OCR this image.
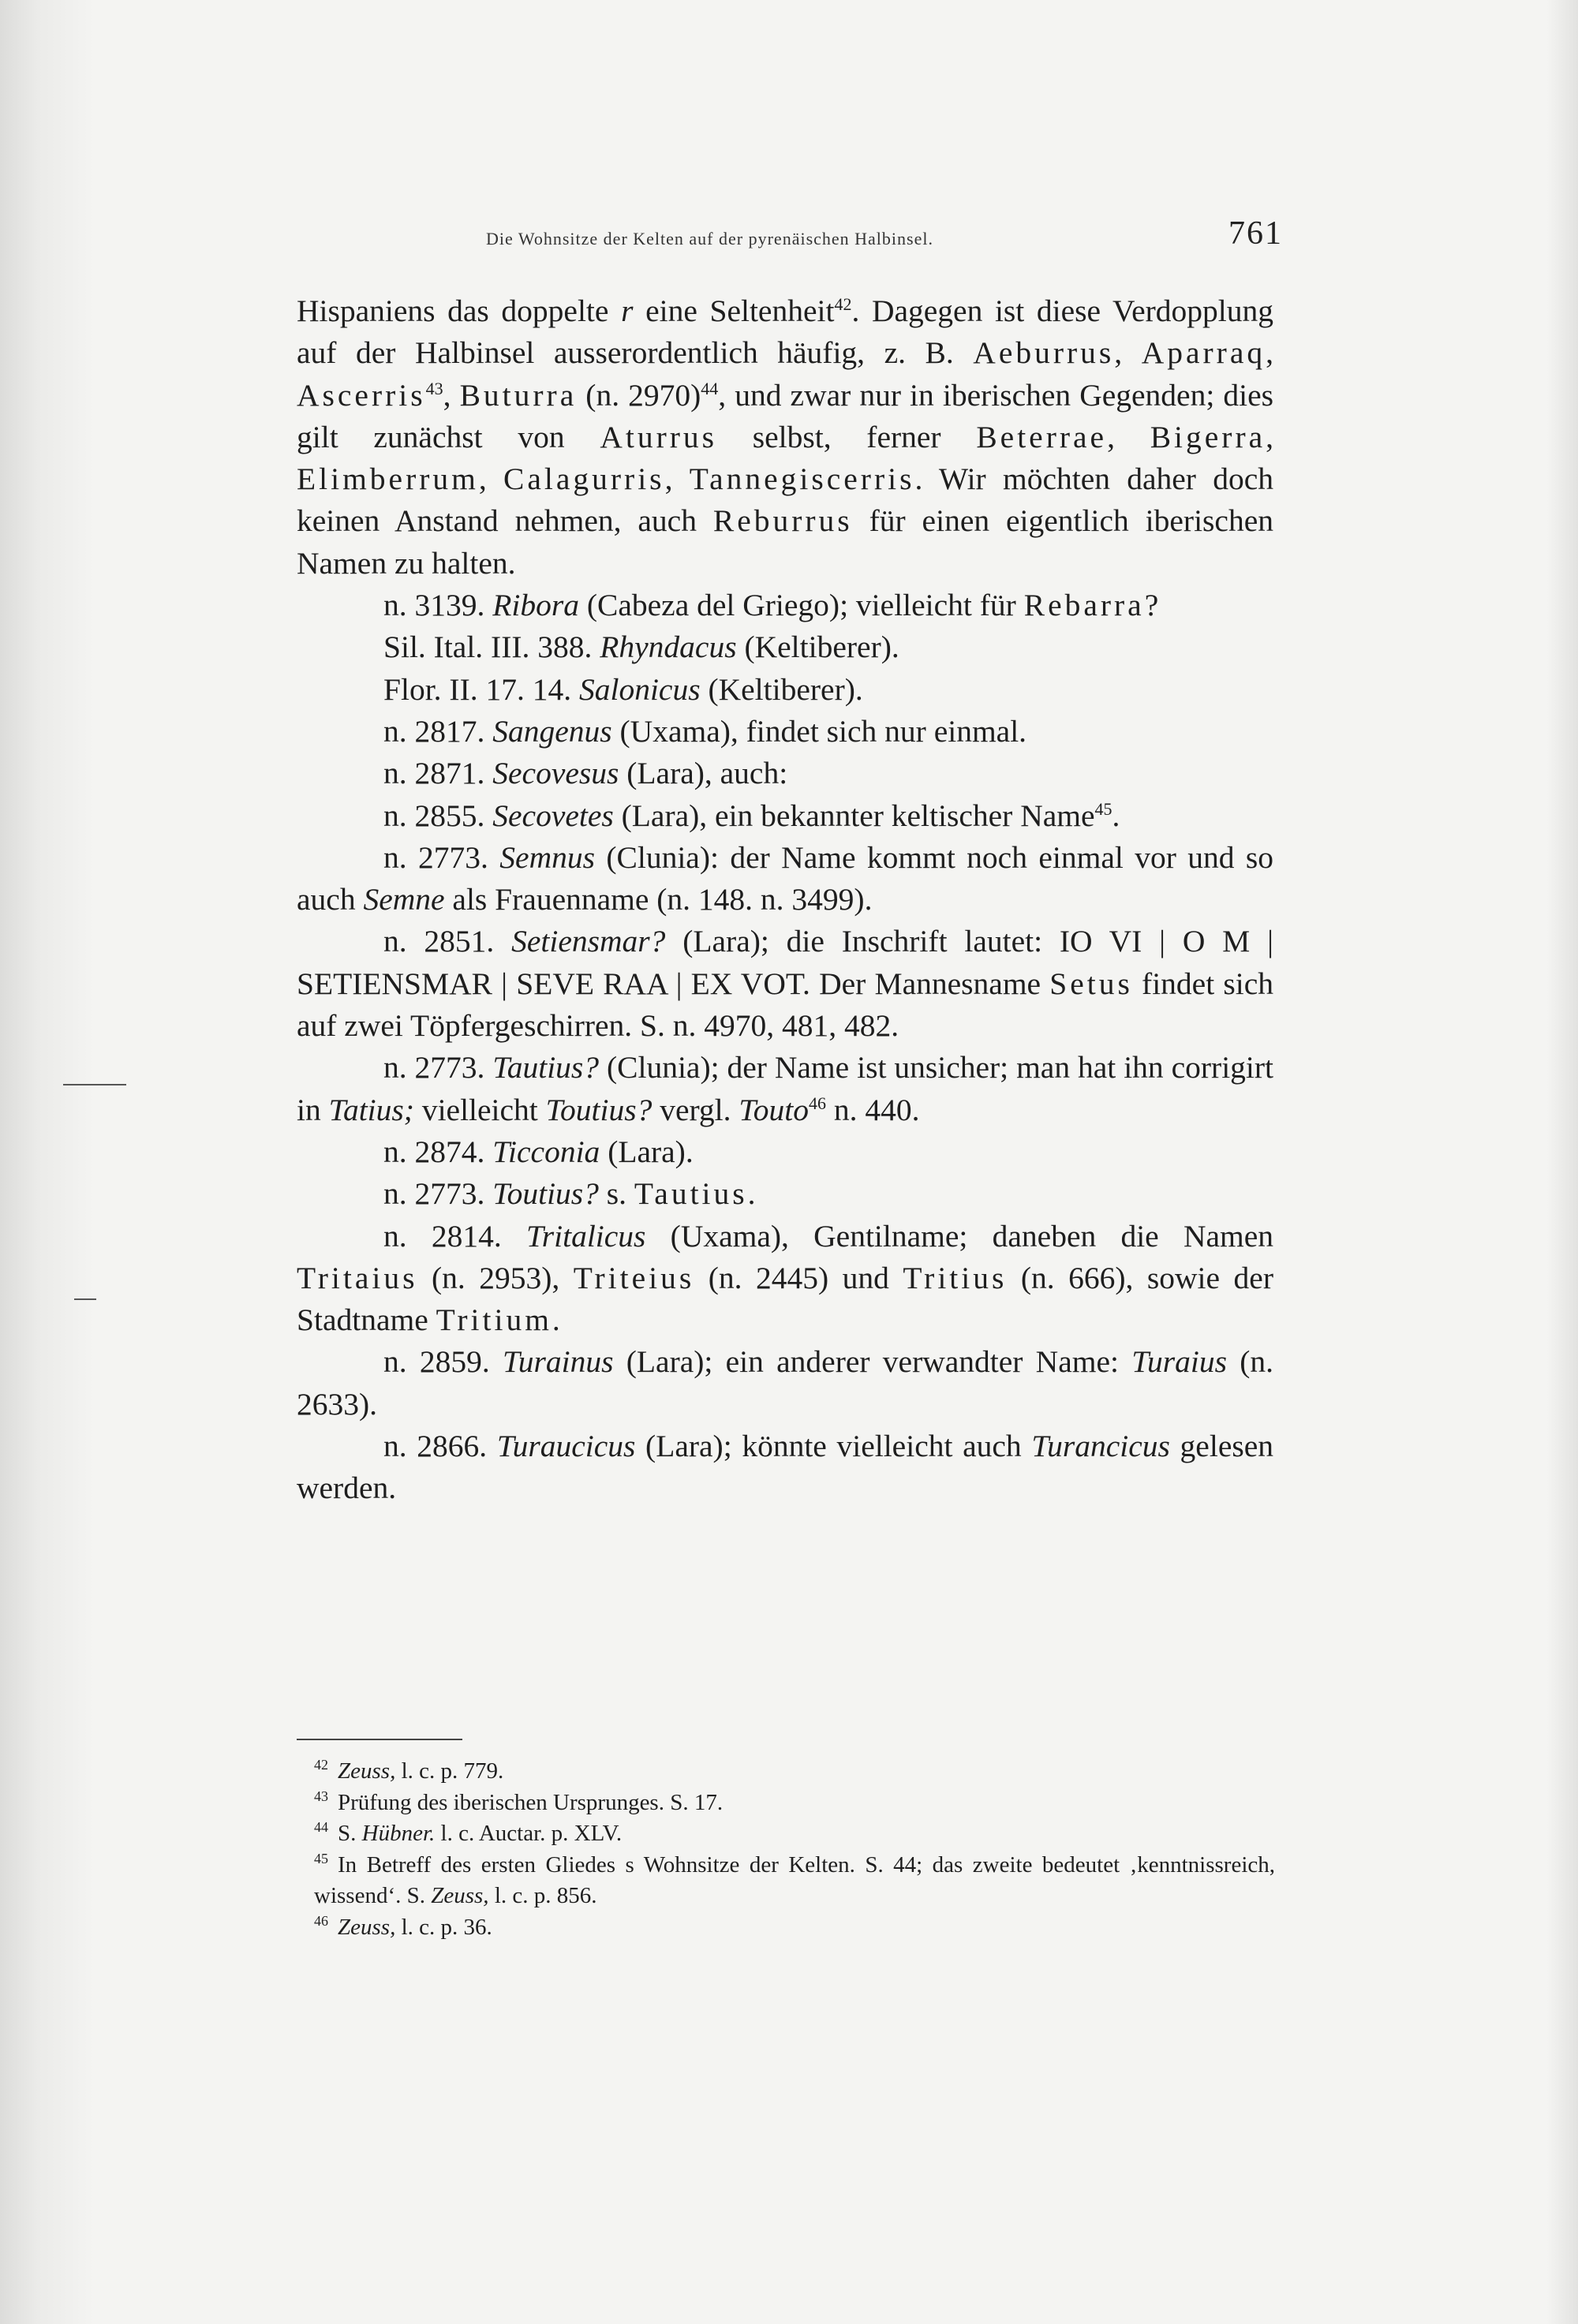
Die Wohnsitze der Kelten auf der pyrenäischen Halbinsel.	761

Hispaniens das doppelte r eine Seltenheit$^{42}$. Dagegen ist diese Verdopplung auf der Halbinsel ausserordentlich häufig, z. B. Aeburrus, Aparraq, Ascerris$^{43}$, Buturra (n. 2970)$^{44}$, und zwar nur in iberischen Gegenden; dies gilt zunächst von Aturrus selbst, ferner Beterrae, Bigerra, Elimberrum, Calagurris, Tannegiscerris. Wir möchten daher doch keinen Anstand nehmen, auch Reburrus für einen eigentlich iberischen Namen zu halten.

n. 3139. Ribora (Cabeza del Griego); vielleicht für Rebarra?

Sil. Ital. III. 388. Rhyndacus (Keltiberer).

Flor. II. 17. 14. Salonicus (Keltiberer).

n. 2817. Sangenus (Uxama), findet sich nur einmal.

n. 2871. Secovesus (Lara), auch:

n. 2855. Secovetes (Lara), ein bekannter keltischer Name$^{45}$.

n. 2773. Semnus (Clunia): der Name kommt noch einmal vor und so auch Semne als Frauenname (n. 148. n. 3499).

n. 2851. Setiensmar? (Lara); die Inschrift lautet: IO VI | O M | SETIENSMAR | SEVE RAA | EX VOT. Der Mannesname Setus findet sich auf zwei Töpfergeschirren. S. n. 4970, 481, 482.

n. 2773. Tautius? (Clunia); der Name ist unsicher; man hat ihn corrigirt in Tatius; vielleicht Toutius? vergl. Touto$^{46}$ n. 440.

n. 2874. Ticconia (Lara).

n. 2773. Toutius? s. Tautius.

n. 2814. Tritalicus (Uxama), Gentilname; daneben die Namen Tritaius (n. 2953), Triteius (n. 2445) und Tritius (n. 666), sowie der Stadtname Tritium.

n. 2859. Turainus (Lara); ein anderer verwandter Name: Turaius (n. 2633).

n. 2866. Turaucicus (Lara); könnte vielleicht auch Turancicus gelesen werden.

$^{42}$ Zeuss, l. c. p. 779.

$^{43}$ Prüfung des iberischen Ursprunges. S. 17.

$^{44}$ S. Hübner. l. c. Auctar. p. XLV.

$^{45}$ In Betreff des ersten Gliedes s Wohnsitze der Kelten. S. 44; das zweite bedeutet ‚kenntnissreich, wissend‘. S. Zeuss, l. c. p. 856.

$^{46}$ Zeuss, l. c. p. 36.
